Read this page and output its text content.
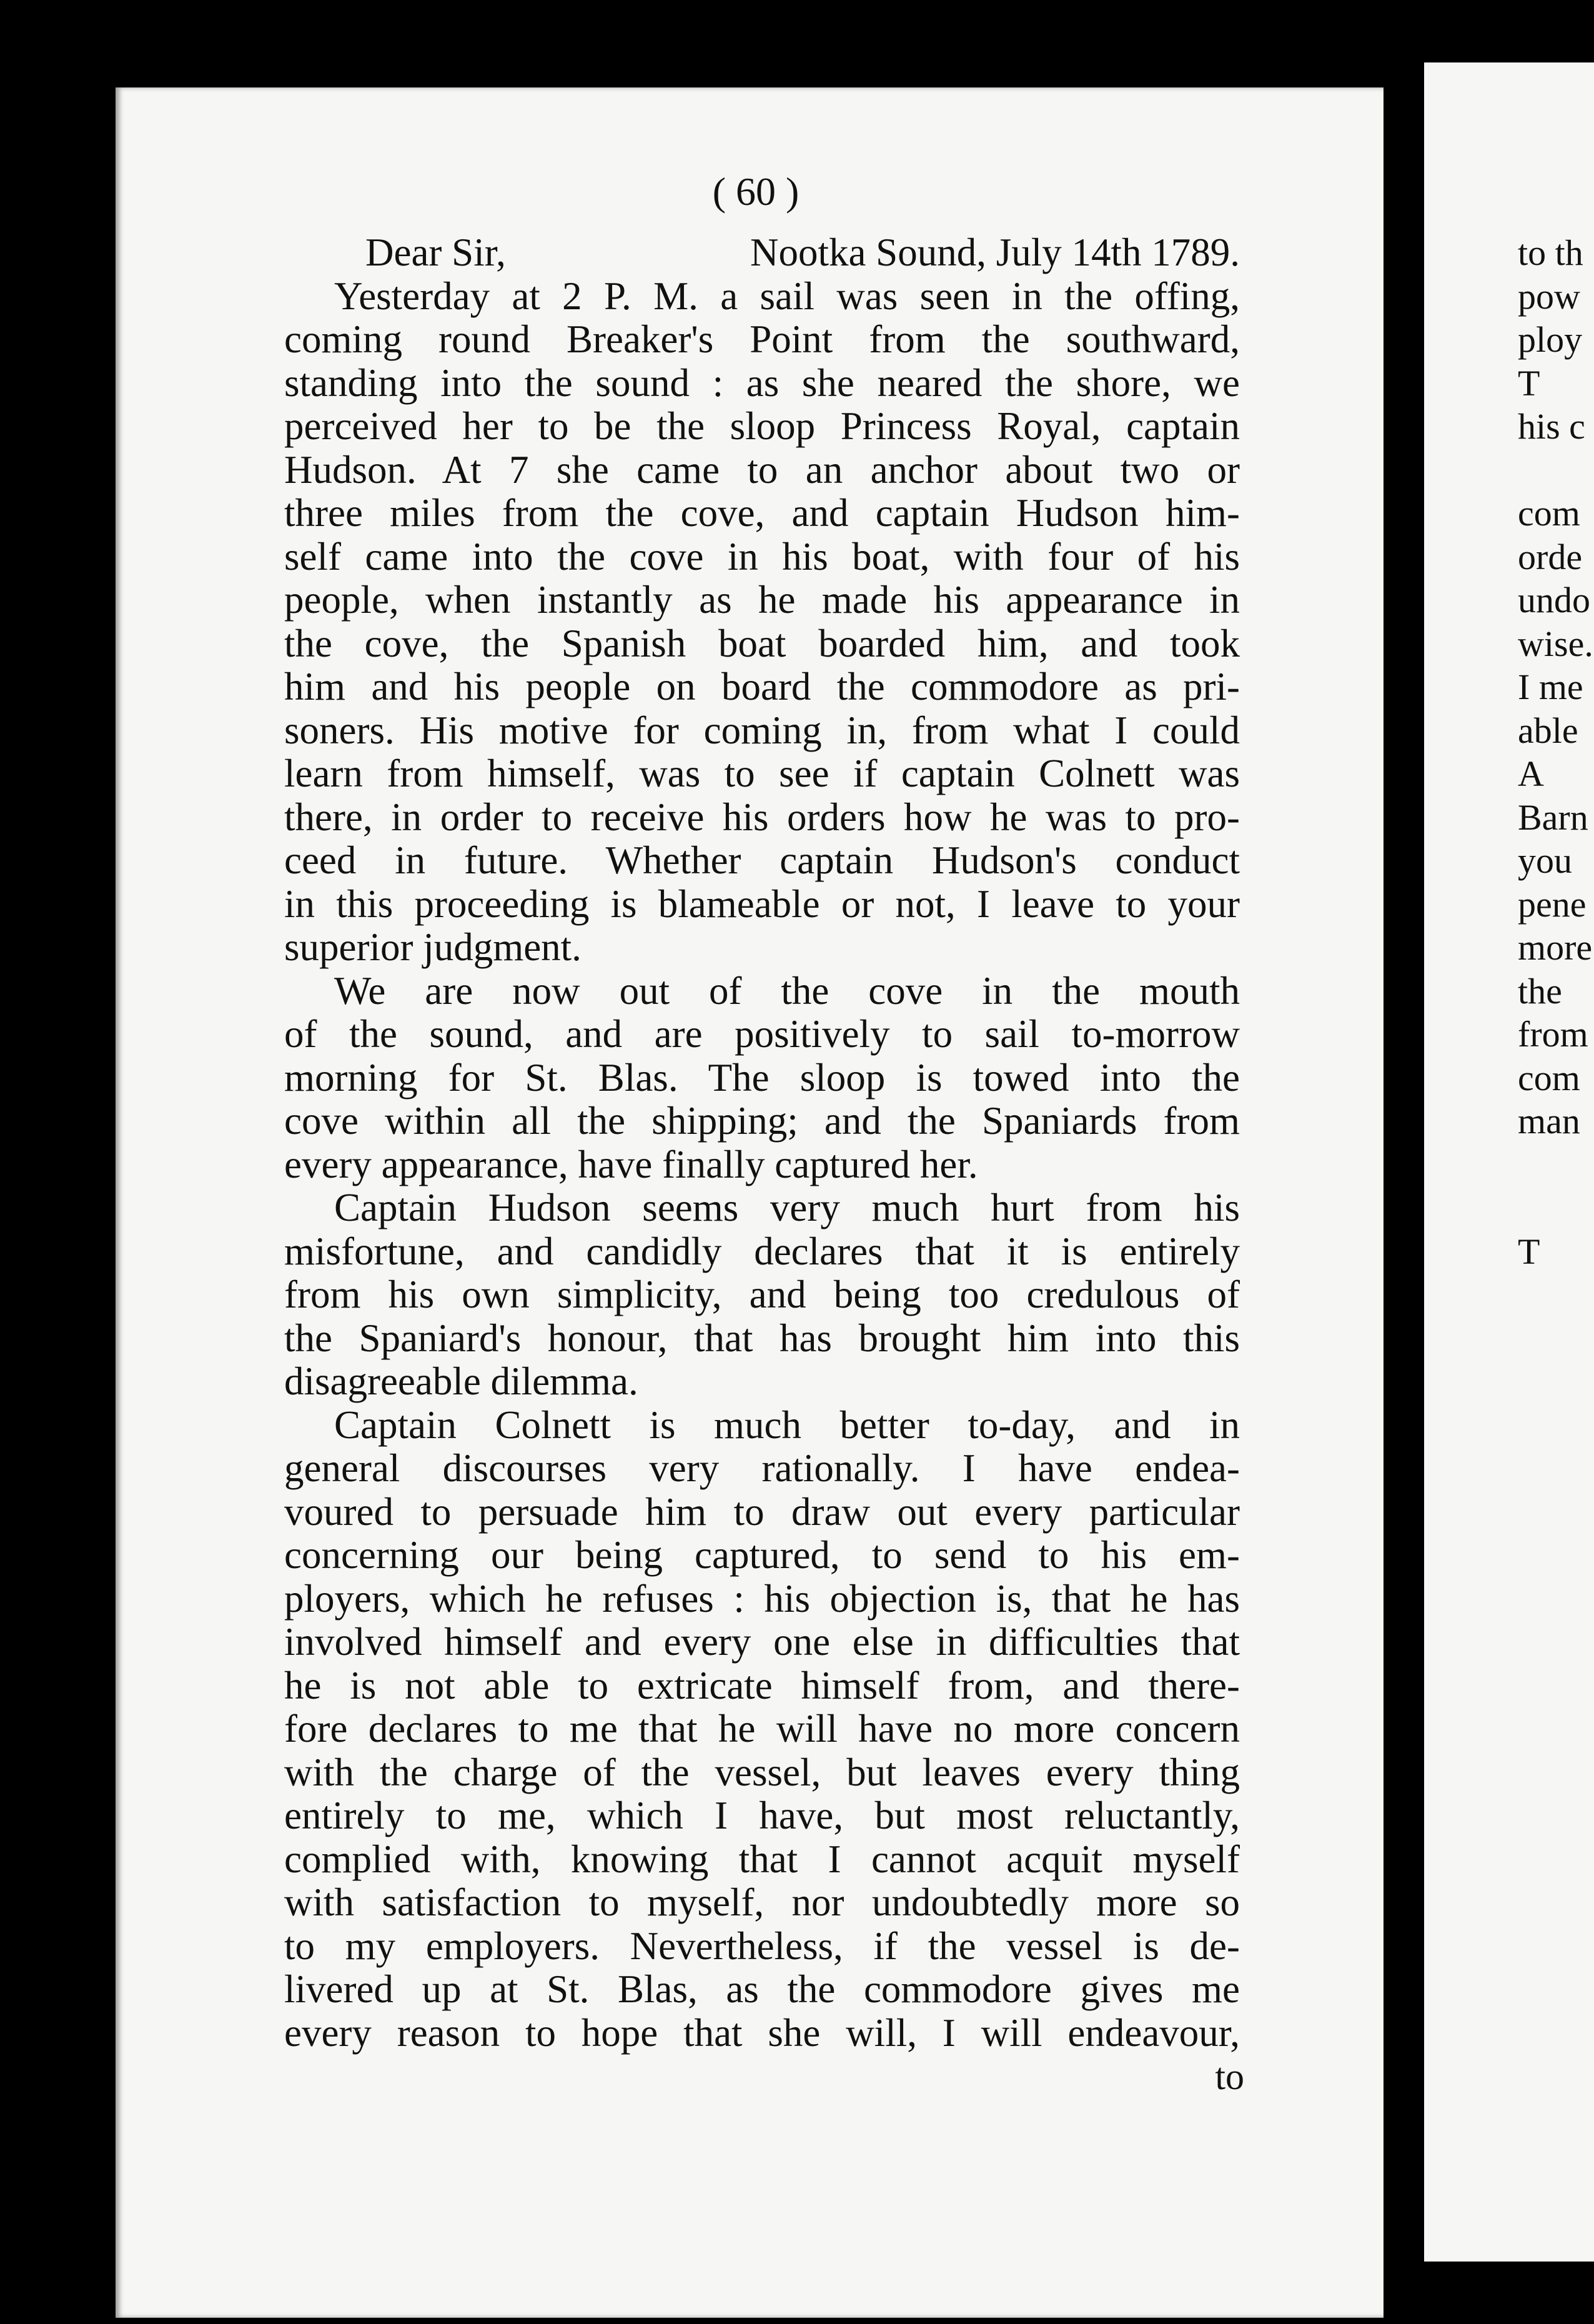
( 60 )
Dear Sir,	Nootka Sound, July 14th 1789.
Yesterday at 2 P. M. a sail was seen in the offing,
coming round Breaker's Point from the southward,
standing into the sound : as she neared the shore, we
perceived her to be the sloop Princess Royal, captain
Hudson. At 7 she came to an anchor about two or
three miles from the cove, and captain Hudson him-
self came into the cove in his boat, with four of his
people, when instantly as he made his appearance in
the cove, the Spanish boat boarded him, and took
him and his people on board the commodore as pri-
soners. His motive for coming in, from what I could
learn from himself, was to see if captain Colnett was
there, in order to receive his orders how he was to pro-
ceed in future. Whether captain Hudson's conduct
in this proceeding is blameable or not, I leave to your
superior judgment.
We are now out of the cove in the mouth
of the sound, and are positively to sail to-morrow
morning for St. Blas. The sloop is towed into the
cove within all the shipping; and the Spaniards from
every appearance, have finally captured her.
Captain Hudson seems very much hurt from his
misfortune, and candidly declares that it is entirely
from his own simplicity, and being too credulous of
the Spaniard's honour, that has brought him into this
disagreeable dilemma.
Captain Colnett is much better to-day, and in
general discourses very rationally. I have endea-
voured to persuade him to draw out every particular
concerning our being captured, to send to his em-
ployers, which he refuses : his objection is, that he has
involved himself and every one else in difficulties that
he is not able to extricate himself from, and there-
fore declares to me that he will have no more concern
with the charge of the vessel, but leaves every thing
entirely to me, which I have, but most reluctantly,
complied with, knowing that I cannot acquit myself
with satisfaction to myself, nor undoubtedly more so
to my employers. Nevertheless, if the vessel is de-
livered up at St. Blas, as the commodore gives me
every reason to hope that she will, I will endeavour,
to
to th
pow
ploy
T
his c
com
orde
undo
wise.
I me
able
A
Barn
you
pene
more
the
from
com
man
T
